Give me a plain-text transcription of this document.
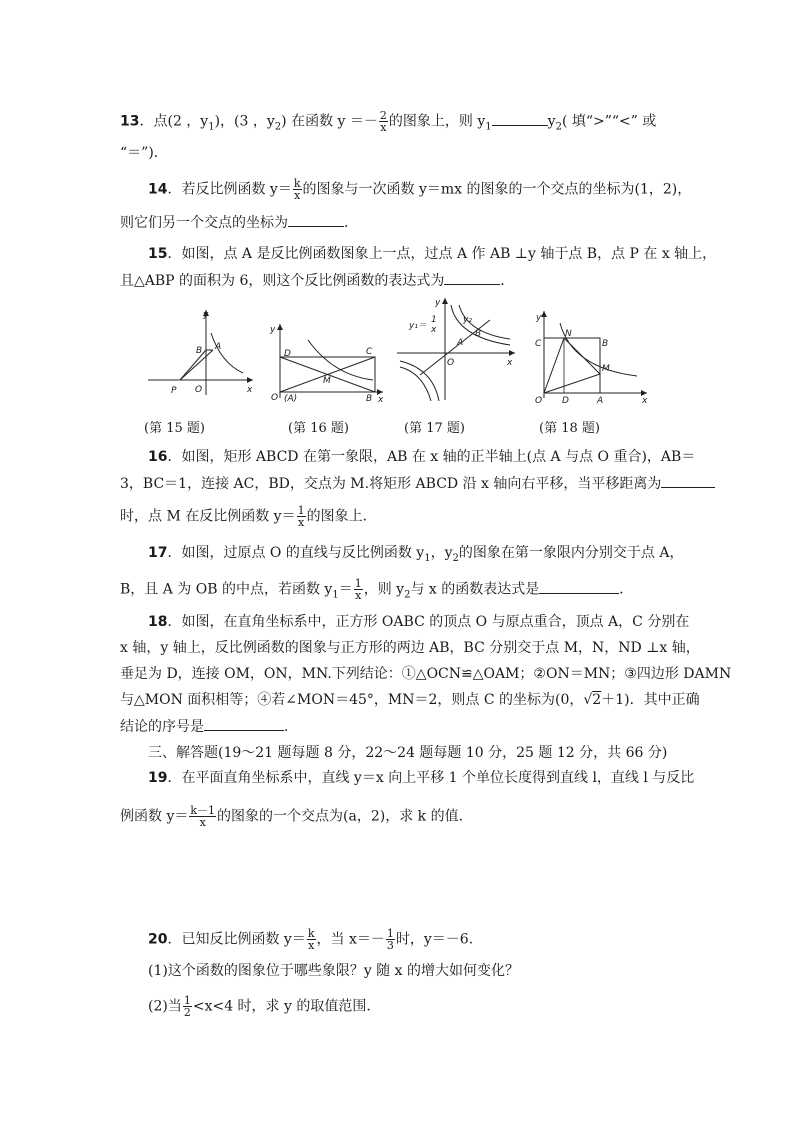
13．点(2 ，$y_1$)，(3 ，$y_2$) 在函数 $y =- \frac{2}{x}$ 的图象上，则 $y_1$	$y_2$( 填“>”“<” 或
“＝”)．
14．若反比例函数 $y= \frac{k}{x}$ 的图象与一次函数 y＝mx 的图象的一个交点的坐标为(1，2)，
则它们另一个交点的坐标为	．
15．如图，点 A 是反比例函数图象上一点，过点 A 作 AB ⊥y 轴于点 B，点 P 在 x 轴上，
且△ABP 的面积为 6，则这个反比例函数的表达式为	．
y
B A
P O	x
y
D	C
M
O (A)	B x
y
y₁＝
1
x
y₂
B
A
O	x
y
C
N
B
M
O D	A	x
(第 15 题)	(第 16 题)	(第 17 题)	(第 18 题)
16．如图，矩形 ABCD 在第一象限，AB 在 x 轴的正半轴上(点 A 与点 O 重合)，AB＝
3，BC＝1，连接 AC，BD，交点为 M.将矩形 ABCD 沿 x 轴向右平移，当平移距离为
时，点 M 在反比例函数 $y= \frac{1}{x}$ 的图象上．
17．如图，过原点 O 的直线与反比例函数 $y_1$，$y_2$的图象在第一象限内分别交于点 A，
B，且 A 为 OB 的中点，若函数 $y_1= \frac{1}{x}$ ，则 $y_2$与 x 的函数表达式是	．
18．如图，在直角坐标系中，正方形 OABC 的顶点 O 与原点重合，顶点 A，C 分别在
x 轴，y 轴上，反比例函数的图象与正方形的两边 AB，BC 分别交于点 M，N，ND ⊥x 轴，
垂足为 D，连接 OM，ON，MN.下列结论：①△OCN≌△OAM；②ON＝MN；③四边形 DAMN
与△MON 面积相等；④若∠MON＝45°，MN＝2，则点 C 的坐标为(0，√2＋1)．其中正确
结论的序号是	．
三、解答题(19～21 题每题 8 分，22～24 题每题 10 分，25 题 12 分，共 66 分)
19．在平面直角坐标系中，直线 y＝x 向上平移 1 个单位长度得到直线 l，直线 l 与反比
例函数 $y= \frac{k-1}{x}$ 的图象的一个交点为(a，2)，求 k 的值．
20．已知反比例函数 $y= \frac{k}{x}$ ，当 $x=- \frac{1}{3}$ 时，y＝－6.
(1)这个函数的图象位于哪些象限？y 随 x 的增大如何变化？
(2)当 $\frac{1}{2} <x<4$ 时，求 y 的取值范围．
